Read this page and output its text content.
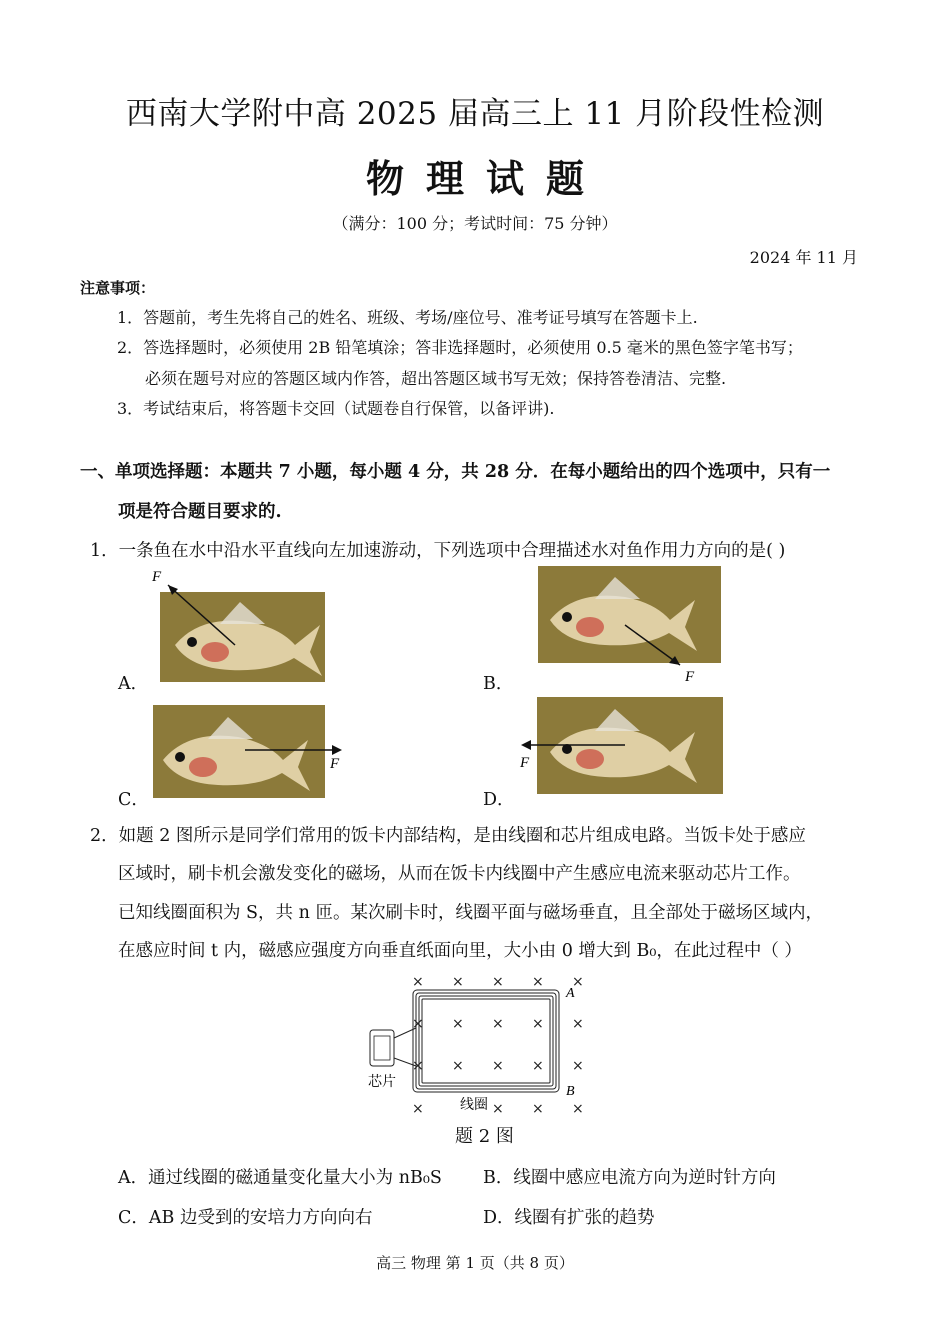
西南大学附中高 2025 届高三上 11 月阶段性检测
物理试题
（满分：100 分；考试时间：75 分钟）
2024 年 11 月
注意事项：
1．答题前，考生先将自己的姓名、班级、考场/座位号、准考证号填写在答题卡上.
2．答选择题时，必须使用 2B 铅笔填涂；答非选择题时，必须使用 0.5 毫米的黑色签字笔书写；
必须在题号对应的答题区域内作答，超出答题区域书写无效；保持答卷清洁、完整.
3．考试结束后，将答题卡交回（试题卷自行保管，以备评讲).
一、单项选择题：本题共 7 小题，每小题 4 分，共 28 分．在每小题给出的四个选项中，只有一
项是符合题目要求的.
1．一条鱼在水中沿水平直线向左加速游动，下列选项中合理描述水对鱼作用力方向的是( )
F
A．	F
B．
F
C．
F
D．
2．如题 2 图所示是同学们常用的饭卡内部结构，是由线圈和芯片组成电路。当饭卡处于感应
区域时，刷卡机会激发变化的磁场，从而在饭卡内线圈中产生感应电流来驱动芯片工作。
已知线圈面积为 S，共 n 匝。某次刷卡时，线圈平面与磁场垂直，且全部处于磁场区域内，
在感应时间 t 内，磁感应强度方向垂直纸面向里，大小由 0 增大到 B₀，在此过程中（ ）
× × × × ×
× × × × ×
× × × × ×
×	× × ×
芯片
线圈
A
B
题 2 图
A．通过线圈的磁通量变化量大小为 nB₀S B．线圈中感应电流方向为逆时针方向
C．AB 边受到的安培力方向向右	D．线圈有扩张的趋势
高三 物理 第 1 页（共 8 页）
